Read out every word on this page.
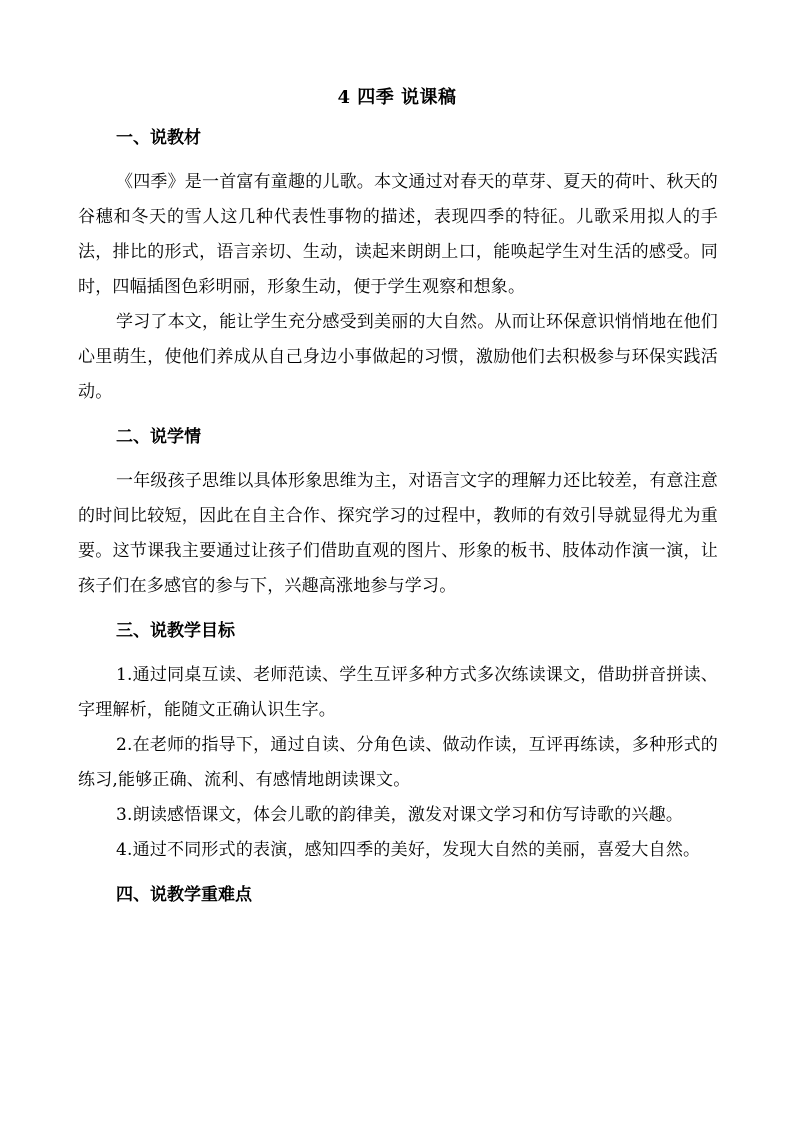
4 四季 说课稿
一、说教材

《四季》是一首富有童趣的儿歌。本文通过对春天的草芽、夏天的荷叶、秋天的谷穗和冬天的雪人这几种代表性事物的描述，表现四季的特征。儿歌采用拟人的手法，排比的形式，语言亲切、生动，读起来朗朗上口，能唤起学生对生活的感受。同时，四幅插图色彩明丽，形象生动，便于学生观察和想象。

学习了本文，能让学生充分感受到美丽的大自然。从而让环保意识悄悄地在他们心里萌生，使他们养成从自己身边小事做起的习惯，激励他们去积极参与环保实践活动。

二、说学情

一年级孩子思维以具体形象思维为主，对语言文字的理解力还比较差，有意注意的时间比较短，因此在自主合作、探究学习的过程中，教师的有效引导就显得尤为重要。这节课我主要通过让孩子们借助直观的图片、形象的板书、肢体动作演一演，让孩子们在多感官的参与下，兴趣高涨地参与学习。

三、说教学目标

1.通过同桌互读、老师范读、学生互评多种方式多次练读课文，借助拼音拼读、字理解析，能随文正确认识生字。

2.在老师的指导下，通过自读、分角色读、做动作读，互评再练读，多种形式的练习,能够正确、流利、有感情地朗读课文。

3.朗读感悟课文，体会儿歌的韵律美，激发对课文学习和仿写诗歌的兴趣。

4.通过不同形式的表演，感知四季的美好，发现大自然的美丽，喜爱大自然。

四、说教学重难点
